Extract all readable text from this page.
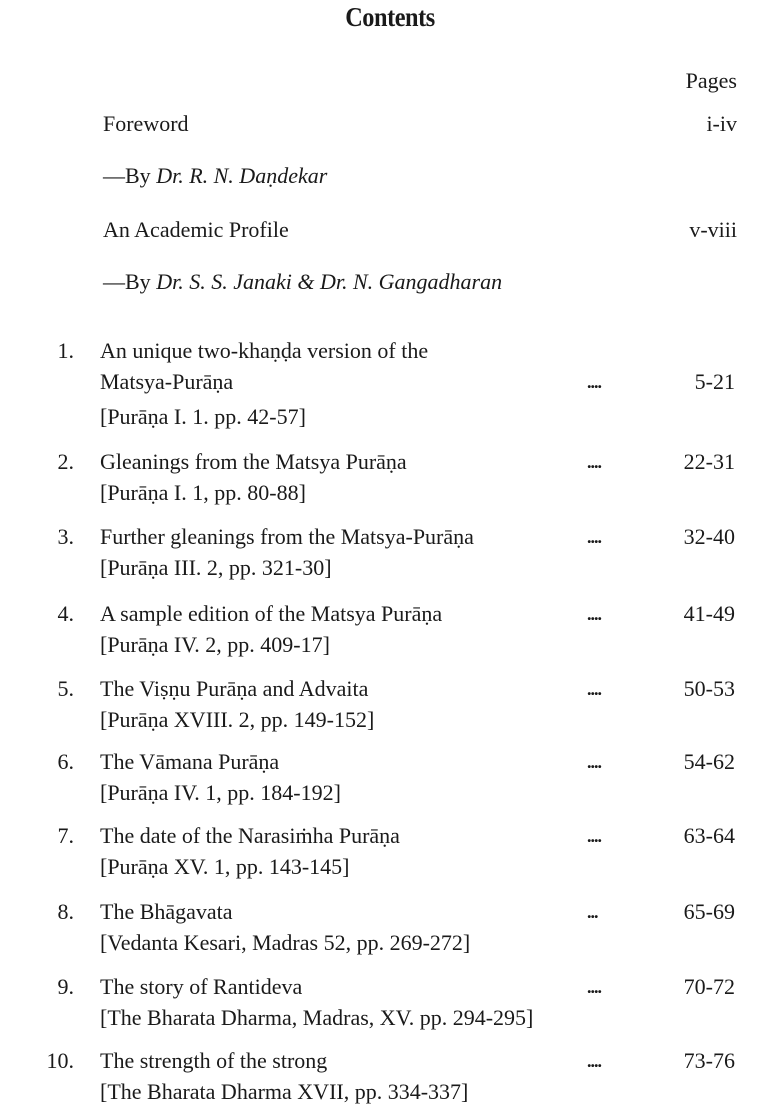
Contents
Pages
Foreword	i-iv
—By Dr. R. N. Daṇdekar
An Academic Profile	v-viii
—By Dr. S. S. Janaki & Dr. N. Gangadharan
1. An unique two-khaṇḍa version of the
Matsya-Purāṇa	....	5-21
[Purāṇa I. 1. pp. 42-57]
2. Gleanings from the Matsya Purāṇa	....	22-31
[Purāṇa I. 1, pp. 80-88]
3. Further gleanings from the Matsya-Purāṇa	....	32-40
[Purāṇa III. 2, pp. 321-30]
4. A sample edition of the Matsya Purāṇa	....	41-49
[Purāṇa IV. 2, pp. 409-17]
5. The Viṣṇu Purāṇa and Advaita	....	50-53
[Purāṇa XVIII. 2, pp. 149-152]
6. The Vāmana Purāṇa	....	54-62
[Purāṇa IV. 1, pp. 184-192]
7. The date of the Narasiṁha Purāṇa	....	63-64
[Purāṇa XV. 1, pp. 143-145]
8. The Bhāgavata	...	65-69
[Vedanta Kesari, Madras 52, pp. 269-272]
9. The story of Rantideva	....	70-72
[The Bharata Dharma, Madras, XV. pp. 294-295]
10. The strength of the strong	....	73-76
[The Bharata Dharma XVII, pp. 334-337]
